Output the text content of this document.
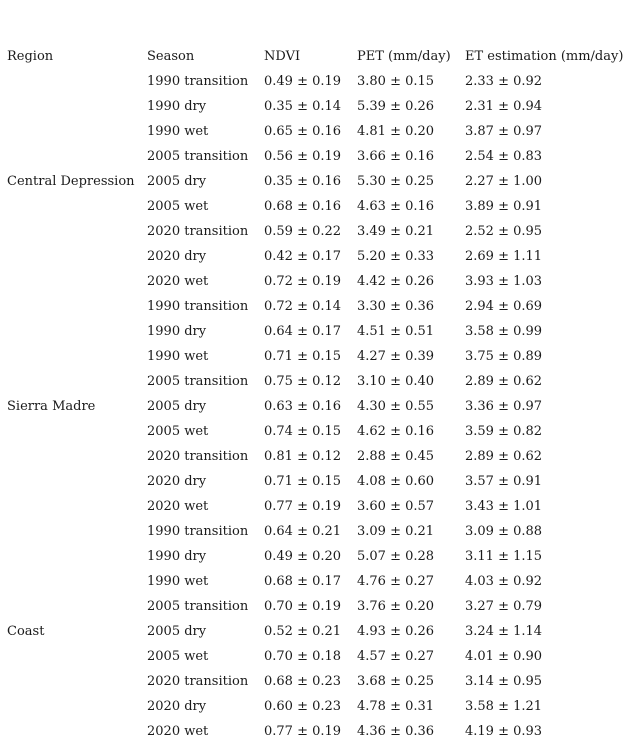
Region	Season	NDVI	PET (mm/day)	ET estimation (mm/day)
	1990 transition	0.49 ± 0.19	3.80 ± 0.15	2.33 ± 0.92
	1990 dry	0.35 ± 0.14	5.39 ± 0.26	2.31 ± 0.94
	1990 wet	0.65 ± 0.16	4.81 ± 0.20	3.87 ± 0.97
	2005 transition	0.56 ± 0.19	3.66 ± 0.16	2.54 ± 0.83
Central Depression	2005 dry	0.35 ± 0.16	5.30 ± 0.25	2.27 ± 1.00
	2005 wet	0.68 ± 0.16	4.63 ± 0.16	3.89 ± 0.91
	2020 transition	0.59 ± 0.22	3.49 ± 0.21	2.52 ± 0.95
	2020 dry	0.42 ± 0.17	5.20 ± 0.33	2.69 ± 1.11
	2020 wet	0.72 ± 0.19	4.42 ± 0.26	3.93 ± 1.03
	1990 transition	0.72 ± 0.14	3.30 ± 0.36	2.94 ± 0.69
	1990 dry	0.64 ± 0.17	4.51 ± 0.51	3.58 ± 0.99
	1990 wet	0.71 ± 0.15	4.27 ± 0.39	3.75 ± 0.89
	2005 transition	0.75 ± 0.12	3.10 ± 0.40	2.89 ± 0.62
Sierra Madre	2005 dry	0.63 ± 0.16	4.30 ± 0.55	3.36 ± 0.97
	2005 wet	0.74 ± 0.15	4.62 ± 0.16	3.59 ± 0.82
	2020 transition	0.81 ± 0.12	2.88 ± 0.45	2.89 ± 0.62
	2020 dry	0.71 ± 0.15	4.08 ± 0.60	3.57 ± 0.91
	2020 wet	0.77 ± 0.19	3.60 ± 0.57	3.43 ± 1.01
	1990 transition	0.64 ± 0.21	3.09 ± 0.21	3.09 ± 0.88
	1990 dry	0.49 ± 0.20	5.07 ± 0.28	3.11 ± 1.15
	1990 wet	0.68 ± 0.17	4.76 ± 0.27	4.03 ± 0.92
	2005 transition	0.70 ± 0.19	3.76 ± 0.20	3.27 ± 0.79
Coast	2005 dry	0.52 ± 0.21	4.93 ± 0.26	3.24 ± 1.14
	2005 wet	0.70 ± 0.18	4.57 ± 0.27	4.01 ± 0.90
	2020 transition	0.68 ± 0.23	3.68 ± 0.25	3.14 ± 0.95
	2020 dry	0.60 ± 0.23	4.78 ± 0.31	3.58 ± 1.21
	2020 wet	0.77 ± 0.19	4.36 ± 0.36	4.19 ± 0.93
